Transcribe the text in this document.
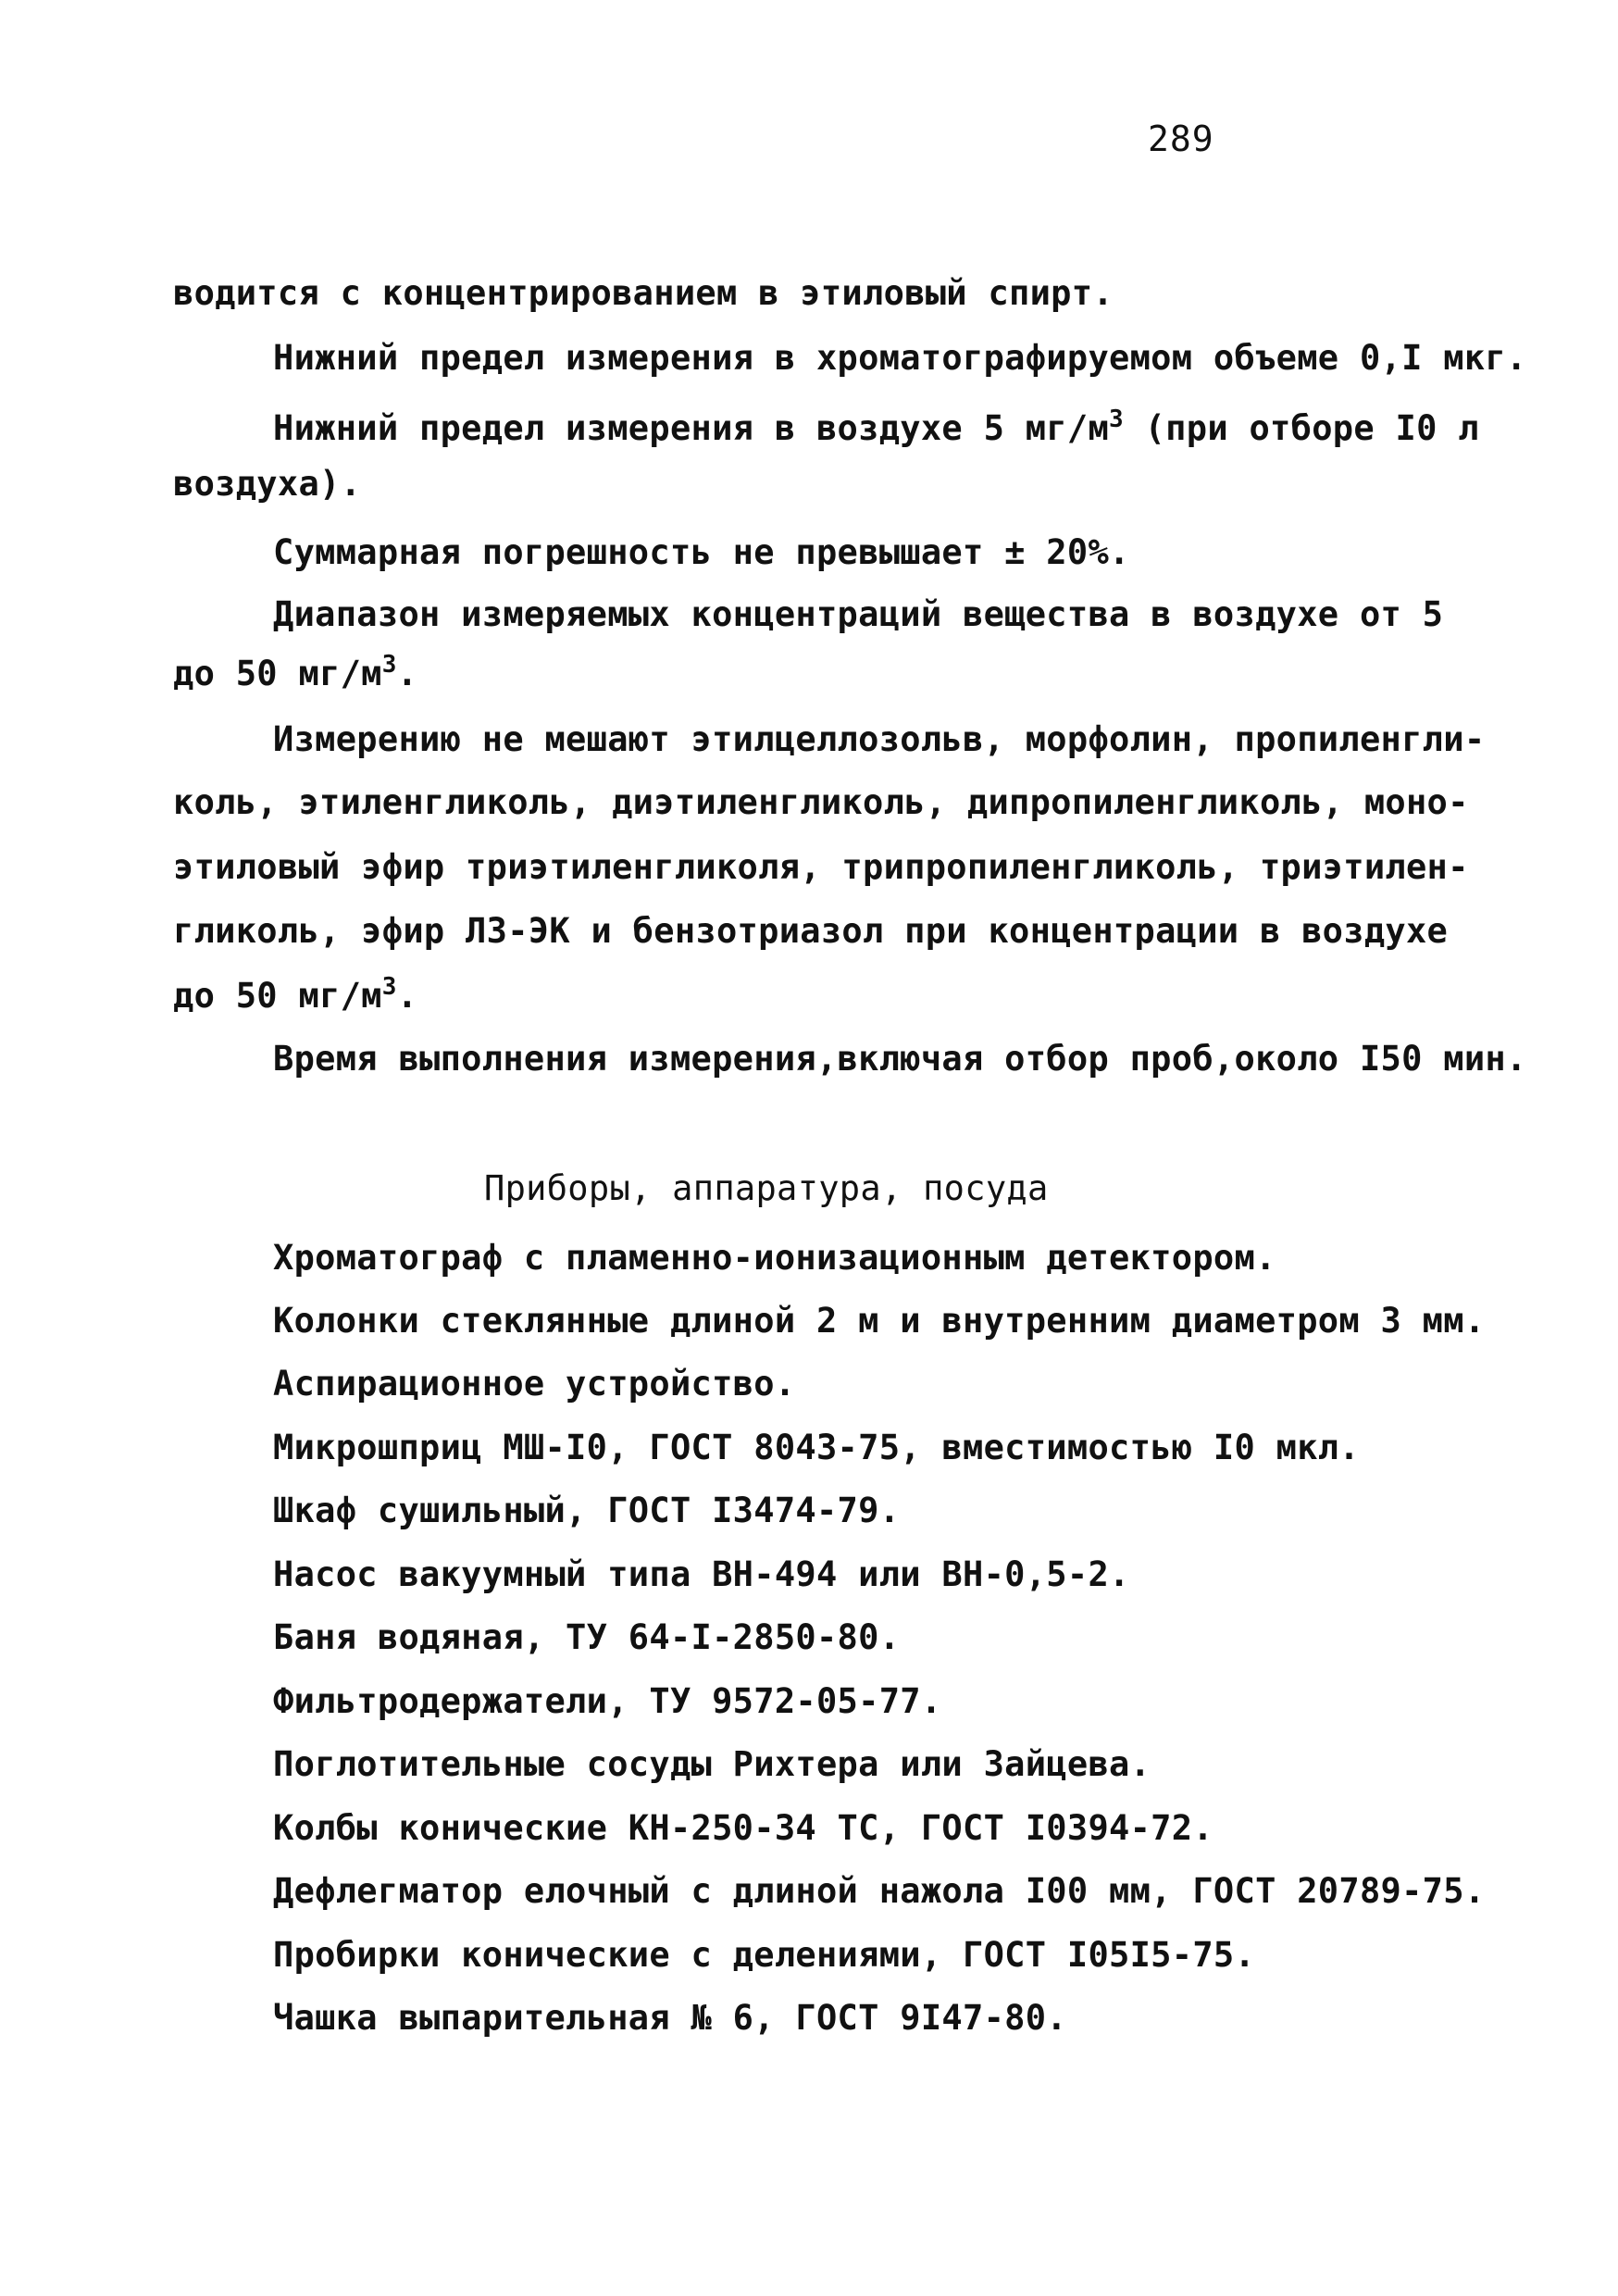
289
водится с концентрированием в этиловый спирт.
Нижний предел измерения в хроматографируемом объеме 0,I мкг.
Нижний предел измерения в воздухе 5 $мг/м^3$ (при отборе I0 л
воздуха).
Суммарная погрешность не превышает ± 20%.
Диапазон измеряемых концентраций вещества в воздухе от 5
до 50 $мг/м^3$.
Измерению не мешают этилцеллозольв, морфолин, пропиленгли-
коль, этиленгликоль, диэтиленгликоль, дипропиленгликоль, моно-
этиловый эфир триэтиленгликоля, трипропиленгликоль, триэтилен-
гликоль, эфир ЛЗ-ЭК и бензотриазол при концентрации в воздухе
до 50 $мг/м^3$.
Время выполнения измерения,включая отбор проб,около I50 мин.
Приборы, аппаратура, посуда
Хроматограф с пламенно-ионизационным детектором.
Колонки стеклянные длиной 2 м и внутренним диаметром 3 мм.
Аспирационное устройство.
Микрошприц МШ-I0, ГОСТ 8043-75, вместимостью I0 мкл.
Шкаф сушильный, ГОСТ I3474-79.
Насос вакуумный типа ВН-494 или ВН-0,5-2.
Баня водяная, ТУ 64-I-2850-80.
Фильтродержатели, ТУ 9572-05-77.
Поглотительные сосуды Рихтера или Зайцева.
Колбы конические КН-250-34 ТС, ГОСТ I0394-72.
Дефлегматор елочный с длиной нажола I00 мм, ГОСТ 20789-75.
Пробирки конические с делениями, ГОСТ I05I5-75.
Чашка выпарительная № 6, ГОСТ 9I47-80.
